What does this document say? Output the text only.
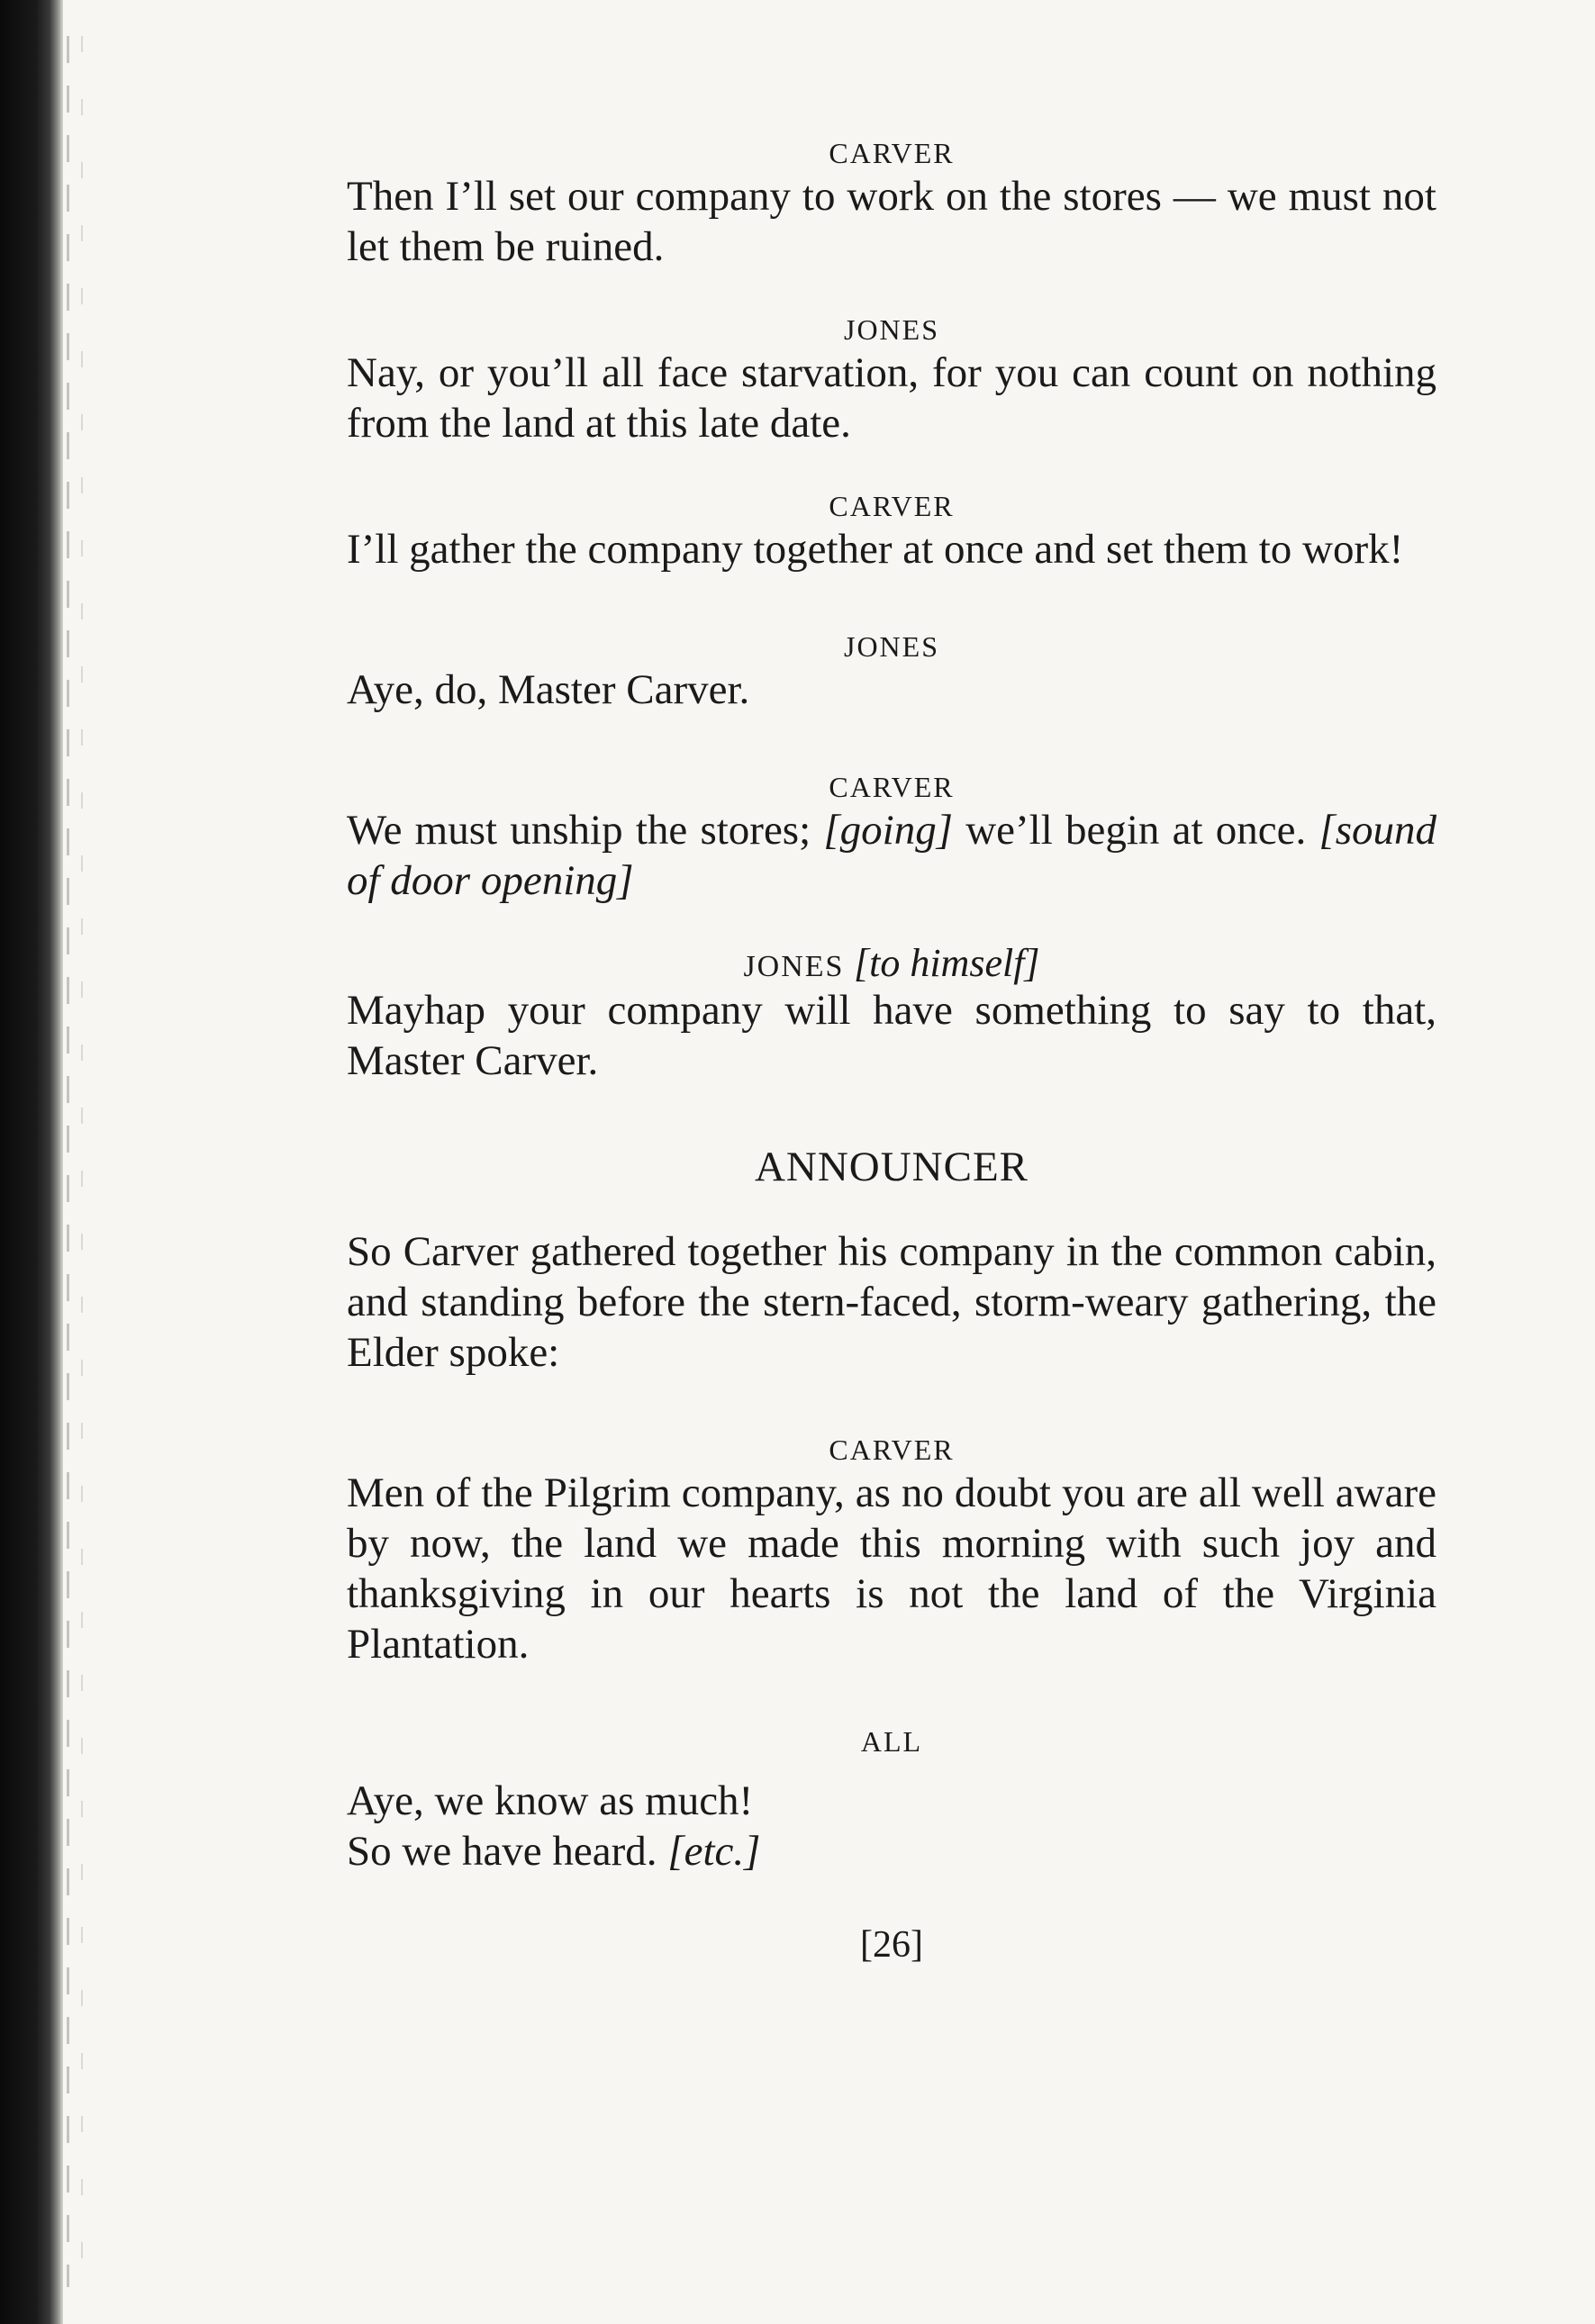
CARVER

Then I’ll set our company to work on the stores — we must not let them be ruined.

JONES

Nay, or you’ll all face starvation, for you can count on nothing from the land at this late date.

CARVER

I’ll gather the company together at once and set them to work!

JONES

Aye, do, Master Carver.

CARVER

We must unship the stores; [going] we’ll begin at once. [sound of door opening]

JONES [to himself]

Mayhap your company will have something to say to that, Master Carver.

ANNOUNCER

So Carver gathered together his company in the common cabin, and standing before the stern-faced, storm-weary gathering, the Elder spoke:

CARVER

Men of the Pilgrim company, as no doubt you are all well aware by now, the land we made this morning with such joy and thanksgiving in our hearts is not the land of the Virginia Plantation.

ALL

Aye, we know as much!

So we have heard. [etc.]

[26]
